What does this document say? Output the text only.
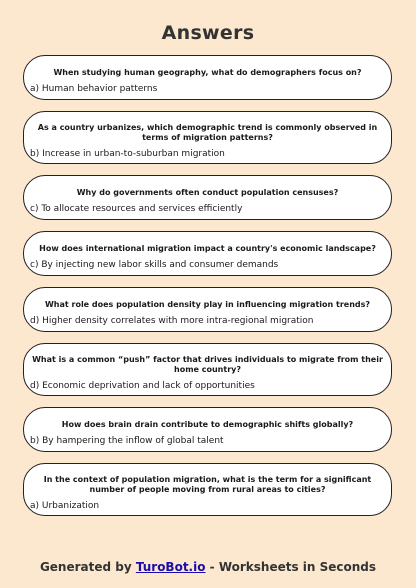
Answers
When studying human geography, what do demographers focus on?
a) Human behavior patterns
As a country urbanizes, which demographic trend is commonly observed in terms of migration patterns?
b) Increase in urban-to-suburban migration
Why do governments often conduct population censuses?
c) To allocate resources and services efficiently
How does international migration impact a country's economic landscape?
c) By injecting new labor skills and consumer demands
What role does population density play in influencing migration trends?
d) Higher density correlates with more intra-regional migration
What is a common “push” factor that drives individuals to migrate from their home country?
d) Economic deprivation and lack of opportunities
How does brain drain contribute to demographic shifts globally?
b) By hampering the inflow of global talent
In the context of population migration, what is the term for a significant number of people moving from rural areas to cities?
a) Urbanization
Generated by TuroBot.io - Worksheets in Seconds
